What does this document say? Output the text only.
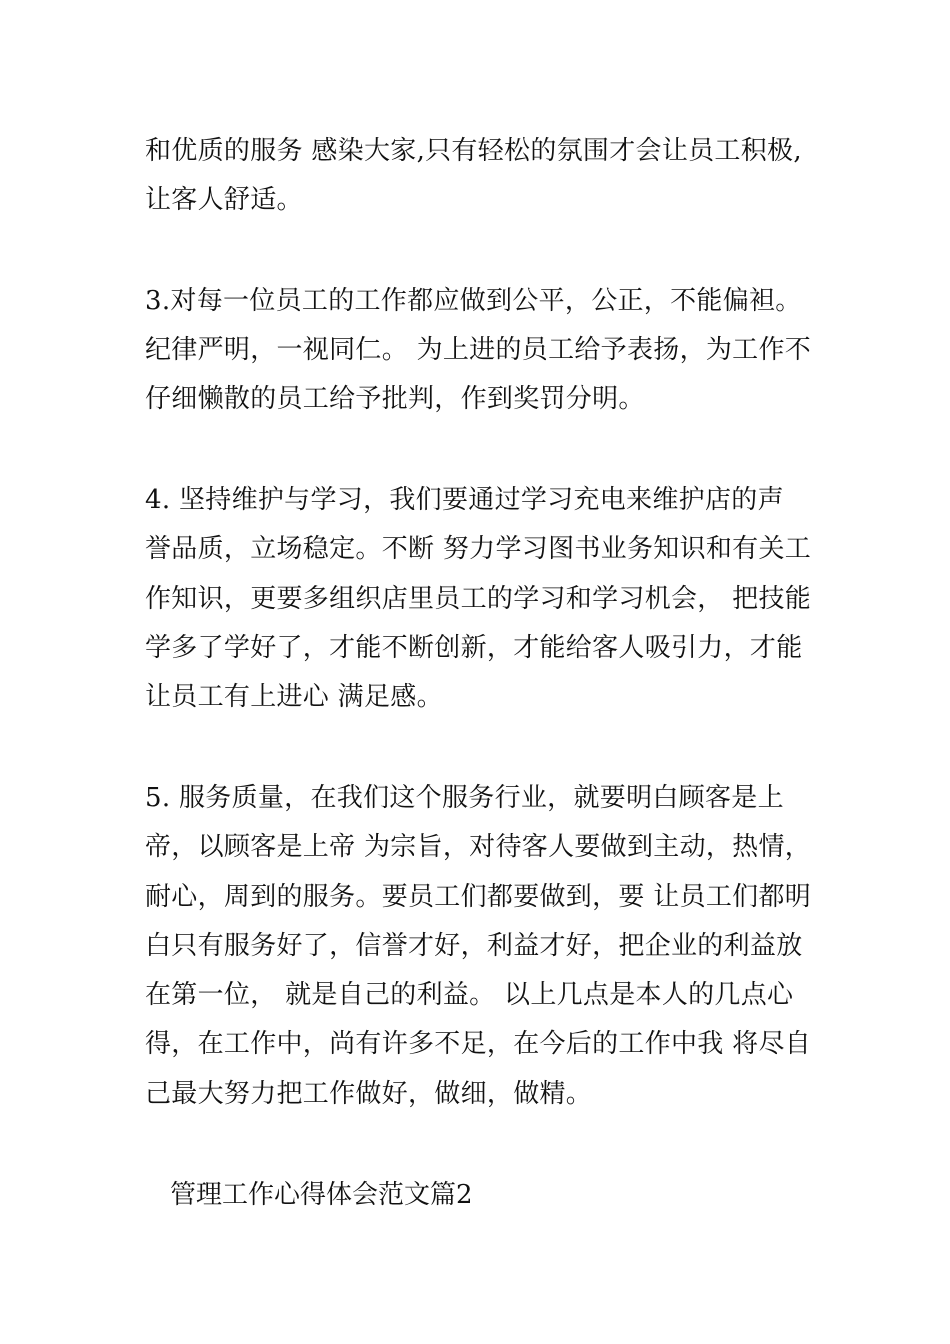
和优质的服务 感染大家,只有轻松的氛围才会让员工积极,
让客人舒适。
3.对每一位员工的工作都应做到公平，公正，不能偏袒。
纪律严明，一视同仁。 为上进的员工给予表扬，为工作不
仔细懒散的员工给予批判，作到奖罚分明。
4. 坚持维护与学习，我们要通过学习充电来维护店的声
誉品质，立场稳定。不断 努力学习图书业务知识和有关工
作知识，更要多组织店里员工的学习和学习机会， 把技能
学多了学好了，才能不断创新，才能给客人吸引力，才能
让员工有上进心 满足感。
5. 服务质量，在我们这个服务行业，就要明白顾客是上
帝，以顾客是上帝 为宗旨，对待客人要做到主动，热情，
耐心，周到的服务。要员工们都要做到，要 让员工们都明
白只有服务好了，信誉才好，利益才好，把企业的利益放
在第一位， 就是自己的利益。 以上几点是本人的几点心
得，在工作中，尚有许多不足，在今后的工作中我 将尽自
己最大努力把工作做好，做细，做精。
管理工作心得体会范文篇2
